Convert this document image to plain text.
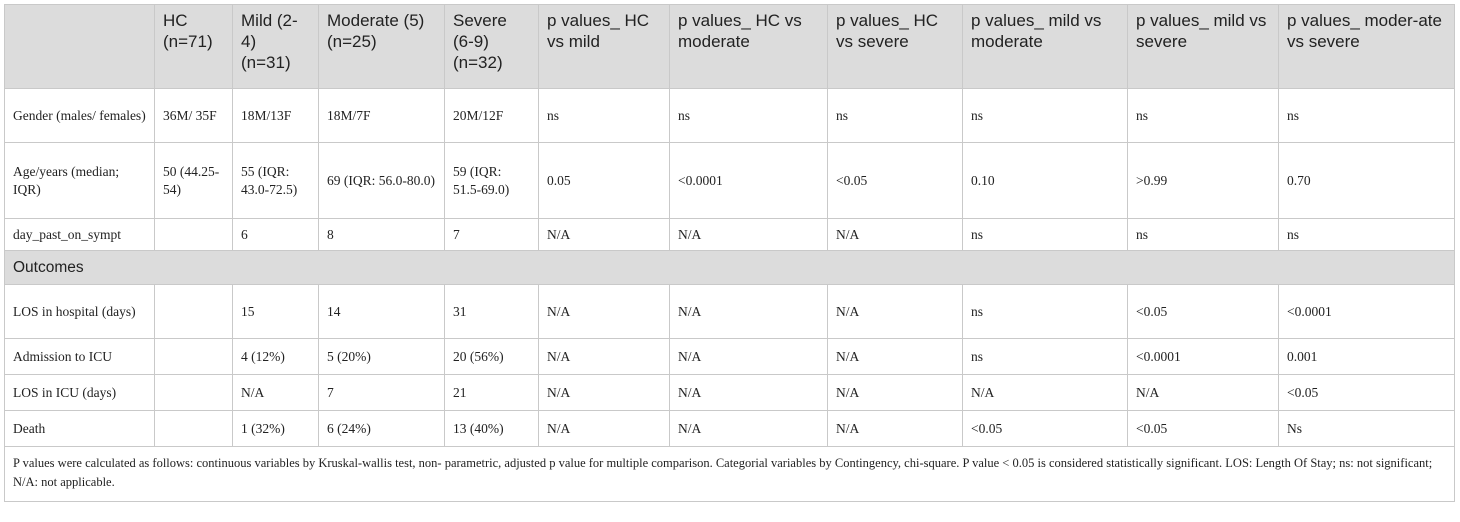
	HC (n=71)	Mild (2-4) (n=31)	Moderate (5) (n=25)	Severe (6-9) (n=32)	p values_ HC vs mild	p values_ HC vs moderate	p values_ HC vs severe	p values_ mild vs moderate	p values_ mild vs severe	p values_ moder-ate vs severe
Gender (males/ females)	36M/ 35F	18M/13F	18M/7F	20M/12F	ns	ns	ns	ns	ns	ns
Age/years (median; IQR)	50 (44.25-54)	55 (IQR: 43.0-72.5)	69 (IQR: 56.0-80.0)	59 (IQR: 51.5-69.0)	0.05	<0.0001	<0.05	0.10	>0.99	0.70
day_past_on_sympt		6	8	7	N/A	N/A	N/A	ns	ns	ns
Outcomes										
LOS in hospital (days)		15	14	31	N/A	N/A	N/A	ns	<0.05	<0.0001
Admission to ICU		4 (12%)	5 (20%)	20 (56%)	N/A	N/A	N/A	ns	<0.0001	0.001
LOS in ICU (days)		N/A	7	21	N/A	N/A	N/A	N/A	N/A	<0.05
Death		1 (32%)	6 (24%)	13 (40%)	N/A	N/A	N/A	<0.05	<0.05	Ns
P values were calculated as follows: continuous variables by Kruskal-wallis test, non- parametric, adjusted p value for multiple comparison. Categorial variables by Contingency, chi-square. P value < 0.05 is considered statistically significant. LOS: Length Of Stay; ns: not significant; N/A: not applicable.										
